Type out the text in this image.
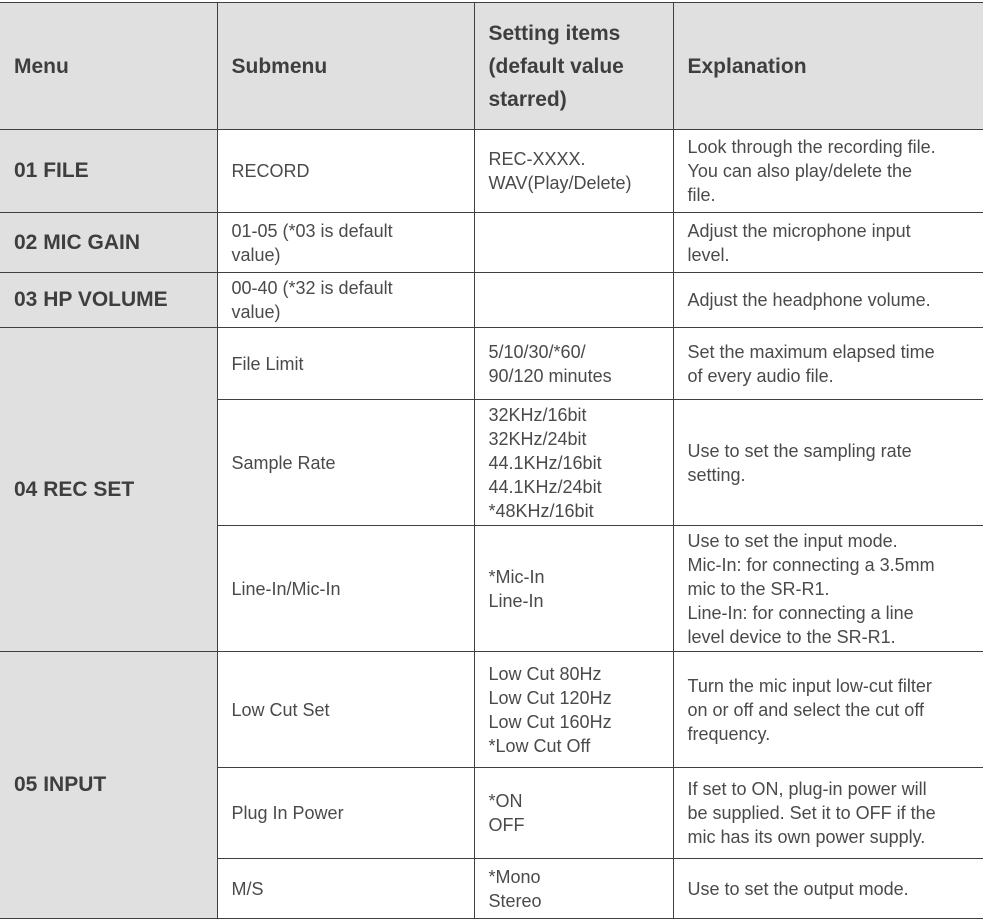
Menu	Submenu	Setting items
(default value
starred)	Explanation
01 FILE	RECORD	REC-XXXX.
WAV(Play/Delete)	Look through the recording file.
You can also play/delete the
file.

02 MIC GAIN	01-05 (*03 is default
value)		Adjust the microphone input
level.

03 HP VOLUME	00-40 (*32 is default
value)		Adjust the headphone volume.

04 REC SET	File Limit	5/10/30/*60/
90/120 minutes	Set the maximum elapsed time
of every audio file.

	Sample Rate	32KHz/16bit
32KHz/24bit
44.1KHz/16bit
44.1KHz/24bit
*48KHz/16bit	Use to set the sampling rate
setting.

	Line-In/Mic-In	*Mic-In
Line-In	Use to set the input mode.
Mic-In: for connecting a 3.5mm
mic to the SR-R1.
Line-In: for connecting a line
level device to the SR-R1.

05 INPUT	Low Cut Set	Low Cut 80Hz
Low Cut 120Hz
Low Cut 160Hz
*Low Cut Off	Turn the mic input low-cut filter
on or off and select the cut off
frequency.

	Plug In Power	*ON
OFF	If set to ON, plug-in power will
be supplied. Set it to OFF if the
mic has its own power supply.

	M/S	*Mono
Stereo	Use to set the output mode.
